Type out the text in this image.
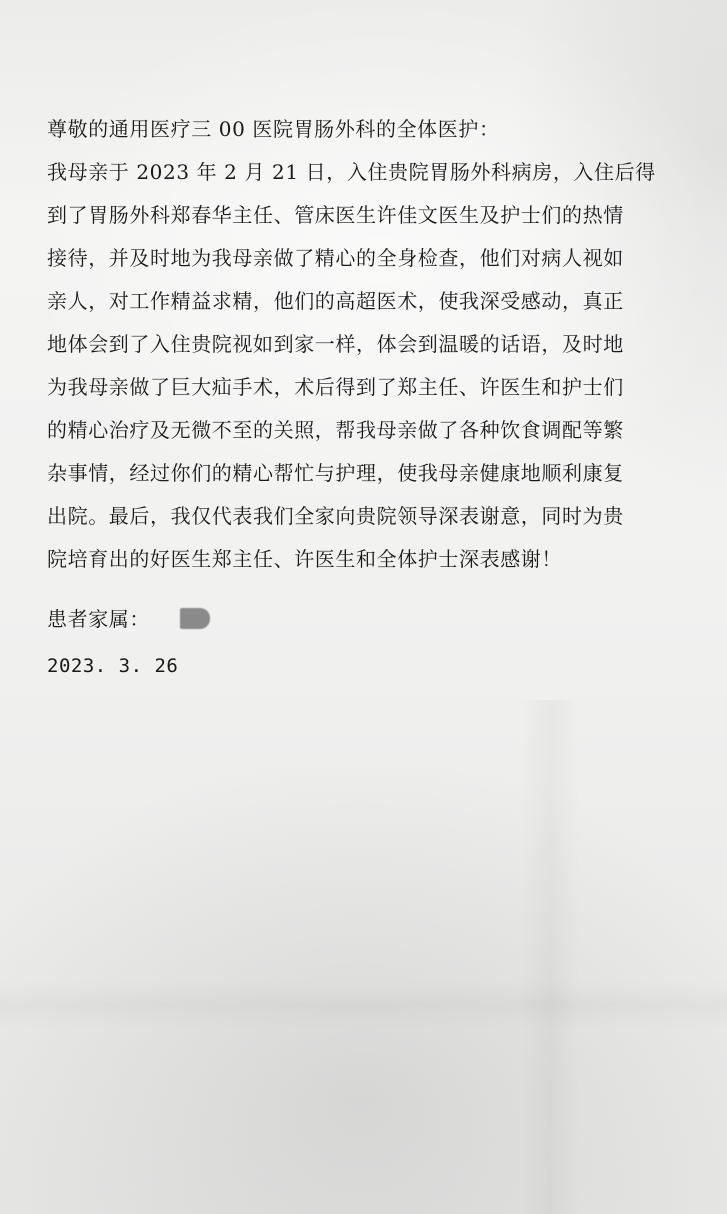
尊敬的通用医疗三 00 医院胃肠外科的全体医护：
我母亲于 2023 年 2 月 21 日，入住贵院胃肠外科病房，入住后得
到了胃肠外科郑春华主任、管床医生许佳文医生及护士们的热情
接待，并及时地为我母亲做了精心的全身检查，他们对病人视如
亲人，对工作精益求精，他们的高超医术，使我深受感动，真正
地体会到了入住贵院视如到家一样，体会到温暖的话语，及时地
为我母亲做了巨大疝手术，术后得到了郑主任、许医生和护士们
的精心治疗及无微不至的关照，帮我母亲做了各种饮食调配等繁
杂事情，经过你们的精心帮忙与护理，使我母亲健康地顺利康复
出院。最后，我仅代表我们全家向贵院领导深表谢意，同时为贵
院培育出的好医生郑主任、许医生和全体护士深表感谢！
患者家属：
2023. 3. 26
